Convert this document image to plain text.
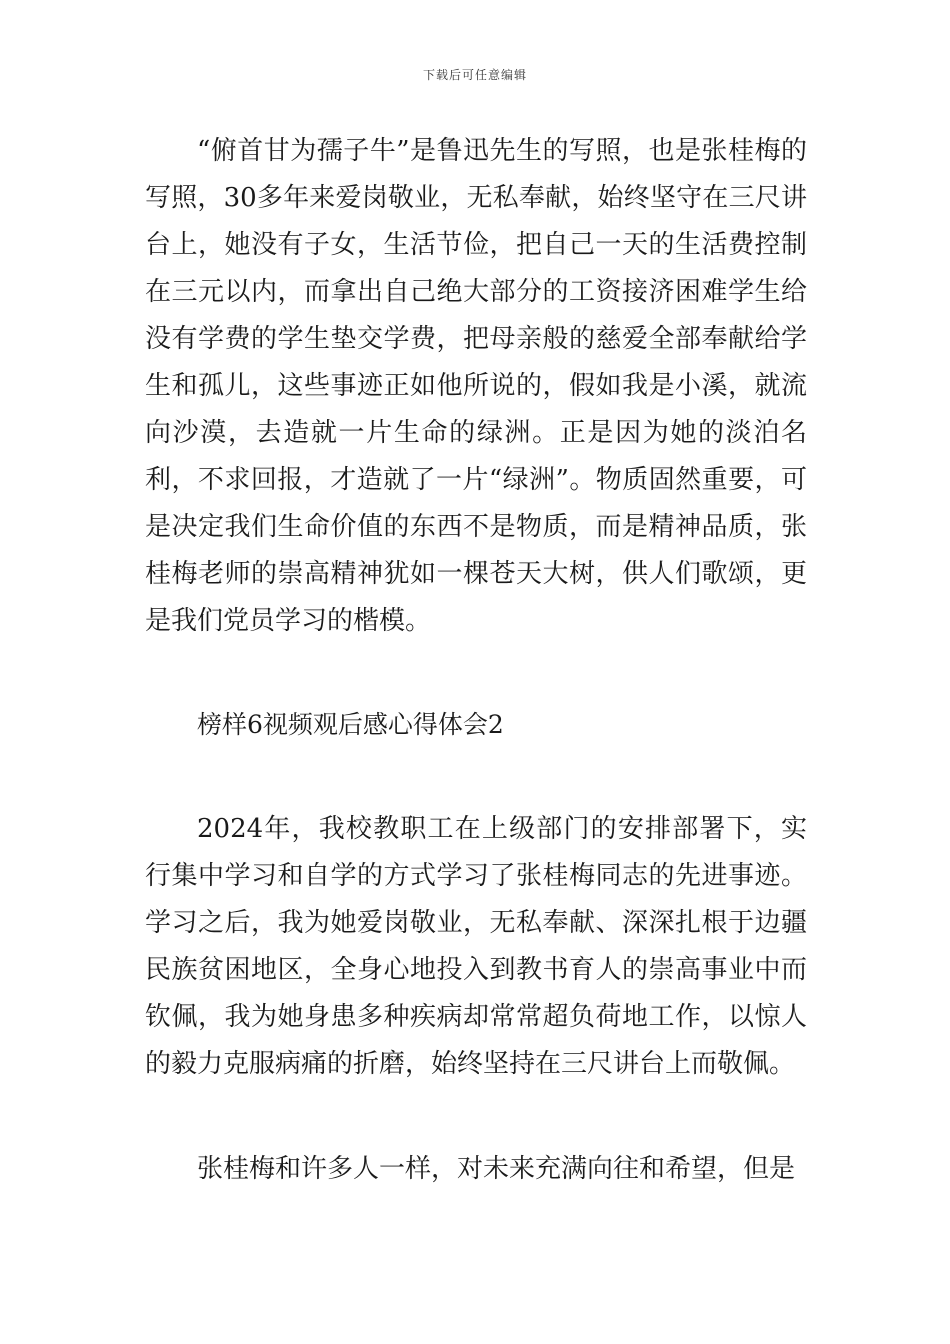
下载后可任意编辑

“俯首甘为孺子牛”是鲁迅先生的写照，也是张桂梅的写照，30多年来爱岗敬业，无私奉献，始终坚守在三尺讲台上，她没有子女，生活节俭，把自己一天的生活费控制在三元以内，而拿出自己绝大部分的工资接济困难学生给没有学费的学生垫交学费，把母亲般的慈爱全部奉献给学生和孤儿，这些事迹正如他所说的，假如我是小溪，就流向沙漠，去造就一片生命的绿洲。正是因为她的淡泊名利，不求回报，才造就了一片“绿洲”。物质固然重要，可是决定我们生命价值的东西不是物质，而是精神品质，张桂梅老师的崇高精神犹如一棵苍天大树，供人们歌颂，更是我们党员学习的楷模。

榜样6视频观后感心得体会2

2024年，我校教职工在上级部门的安排部署下，实行集中学习和自学的方式学习了张桂梅同志的先进事迹。学习之后，我为她爱岗敬业，无私奉献、深深扎根于边疆民族贫困地区，全身心地投入到教书育人的崇高事业中而钦佩，我为她身患多种疾病却常常超负荷地工作，以惊人的毅力克服病痛的折磨，始终坚持在三尺讲台上而敬佩。

张桂梅和许多人一样，对未来充满向往和希望，但是
